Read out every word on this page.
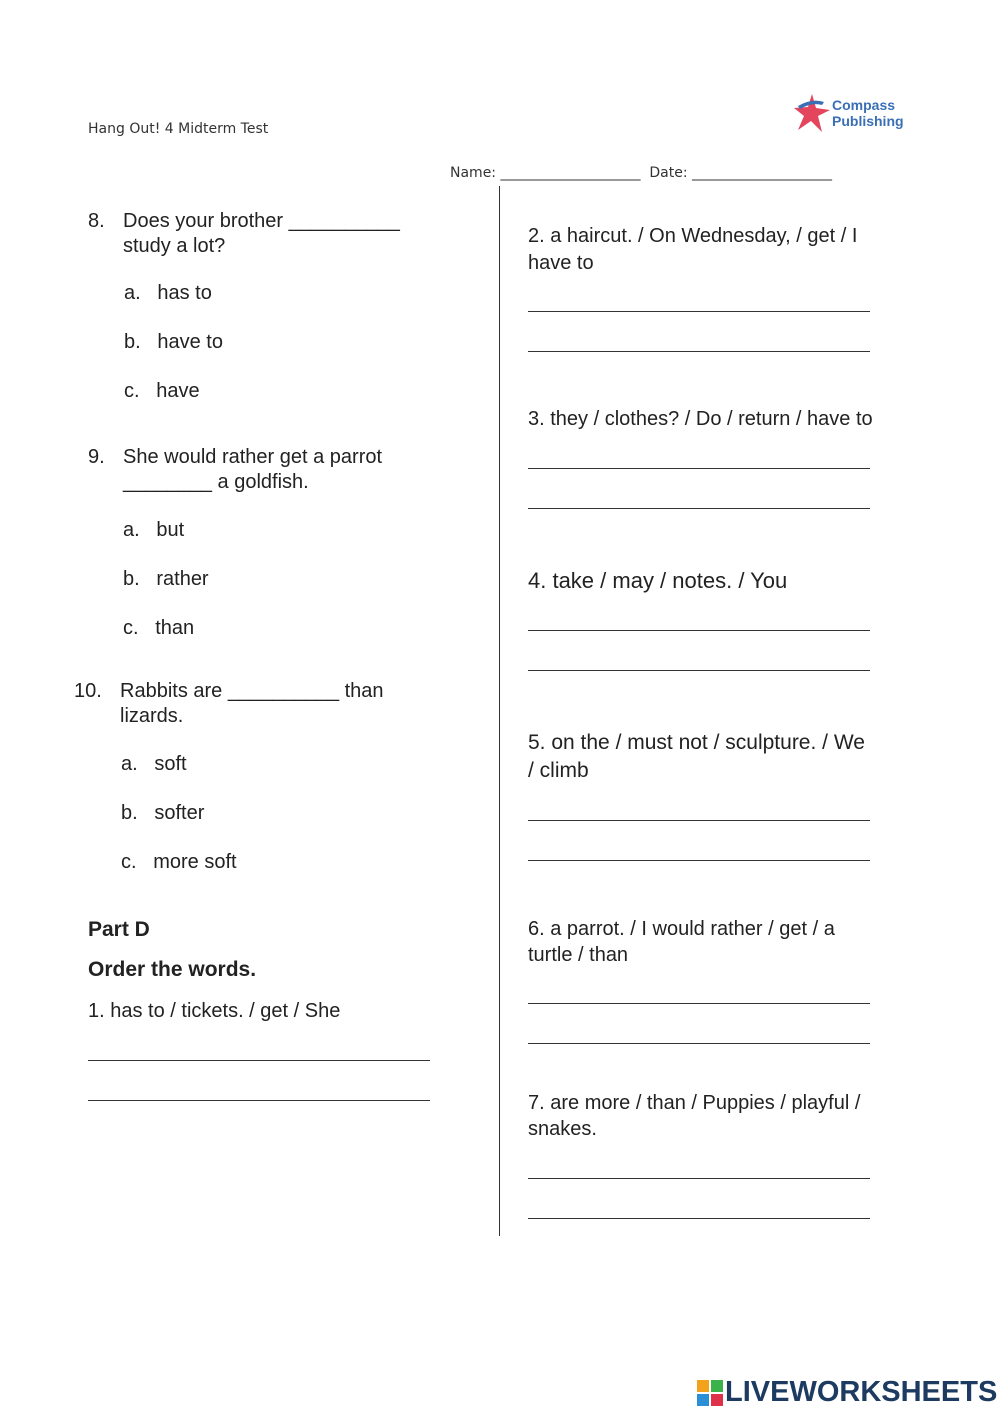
Hang Out! 4 Midterm Test
Compass
Publishing
Name: ____________________  Date: ____________________
8. Does your brother __________ study a lot?
a.   has to
b.   have to
c.   have
9. She would rather get a parrot ________ a goldfish.
a.   but
b.   rather
c.   than
10. Rabbits are __________ than lizards.
a.   soft
b.   softer
c.   more soft
Part D
Order the words.
1. has to / tickets. / get / She
2. a haircut. / On Wednesday, / get / I have to
3. they / clothes? / Do / return / have to
4. take / may / notes. / You
5. on the / must not / sculpture. / We / climb
6. a parrot. / I would rather / get / a turtle / than
7. are more / than / Puppies / playful / snakes.
LIVEWORKSHEETS
